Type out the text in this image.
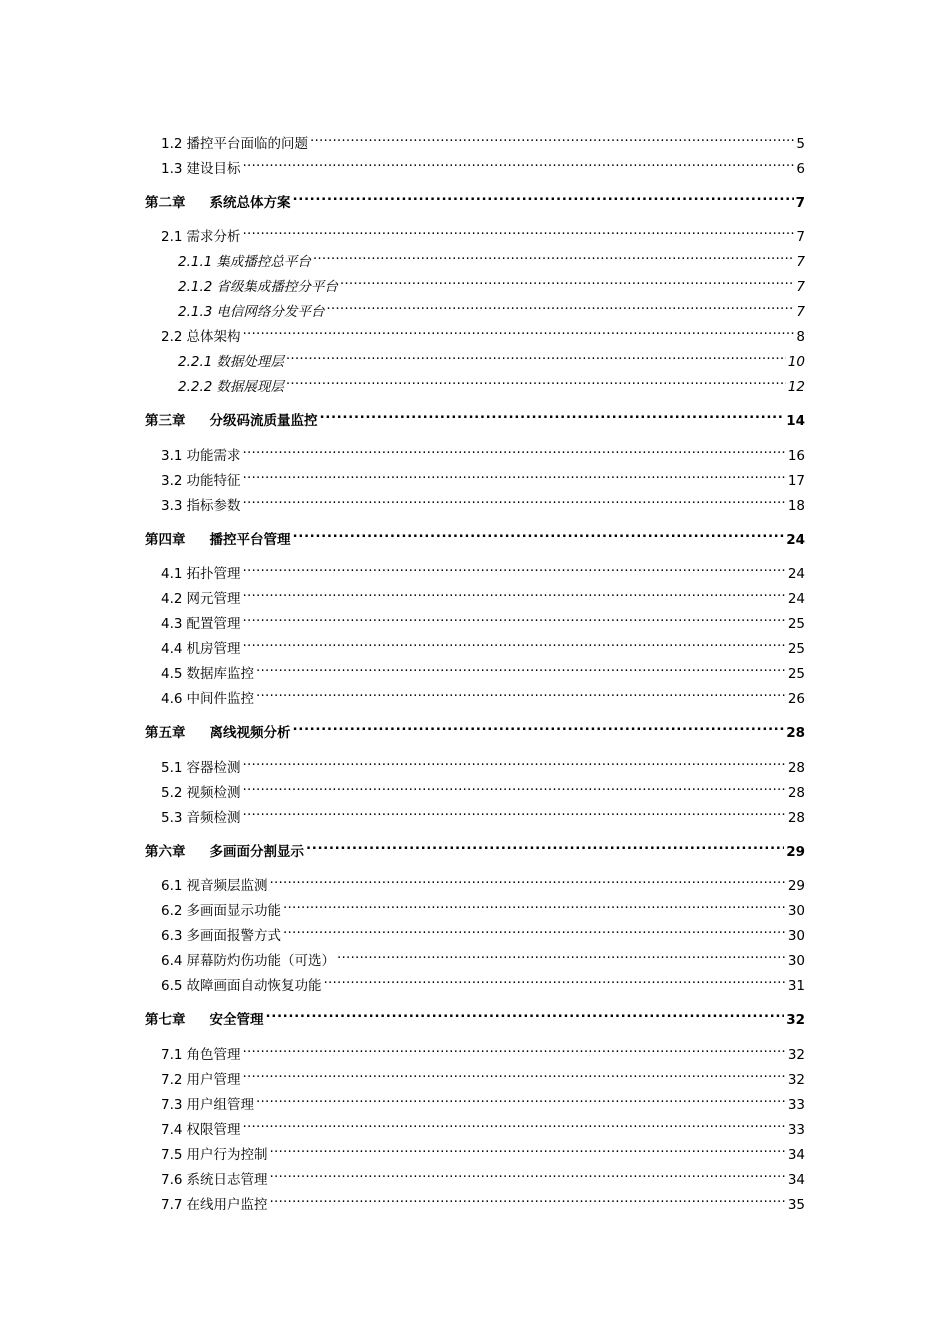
1.2 播控平台面临的问题 .....	5
1.3 建设目标 .....	6
第二章 系统总体方案 .....	7
2.1 需求分析 .....	7
2.1.1 集成播控总平台 .....	7
2.1.2 省级集成播控分平台 .....	7
2.1.3 电信网络分发平台 .....	7
2.2 总体架构 .....	8
2.2.1 数据处理层 .....	10
2.2.2 数据展现层 .....	12
第三章 分级码流质量监控 .....	14
3.1 功能需求 .....	16
3.2 功能特征 .....	17
3.3 指标参数 .....	18
第四章 播控平台管理 .....	24
4.1 拓扑管理 .....	24
4.2 网元管理 .....	24
4.3 配置管理 .....	25
4.4 机房管理 .....	25
4.5 数据库监控 .....	25
4.6 中间件监控 .....	26
第五章 离线视频分析 .....	28
5.1 容器检测 .....	28
5.2 视频检测 .....	28
5.3 音频检测 .....	28
第六章 多画面分割显示 .....	29
6.1 视音频层监测 .....	29
6.2 多画面显示功能 .....	30
6.3 多画面报警方式 .....	30
6.4 屏幕防灼伤功能（可选） .....	30
6.5 故障画面自动恢复功能 .....	31
第七章 安全管理 .....	32
7.1 角色管理 .....	32
7.2 用户管理 .....	32
7.3 用户组管理 .....	33
7.4 权限管理 .....	33
7.5 用户行为控制 .....	34
7.6 系统日志管理 .....	34
7.7 在线用户监控 .....	35
